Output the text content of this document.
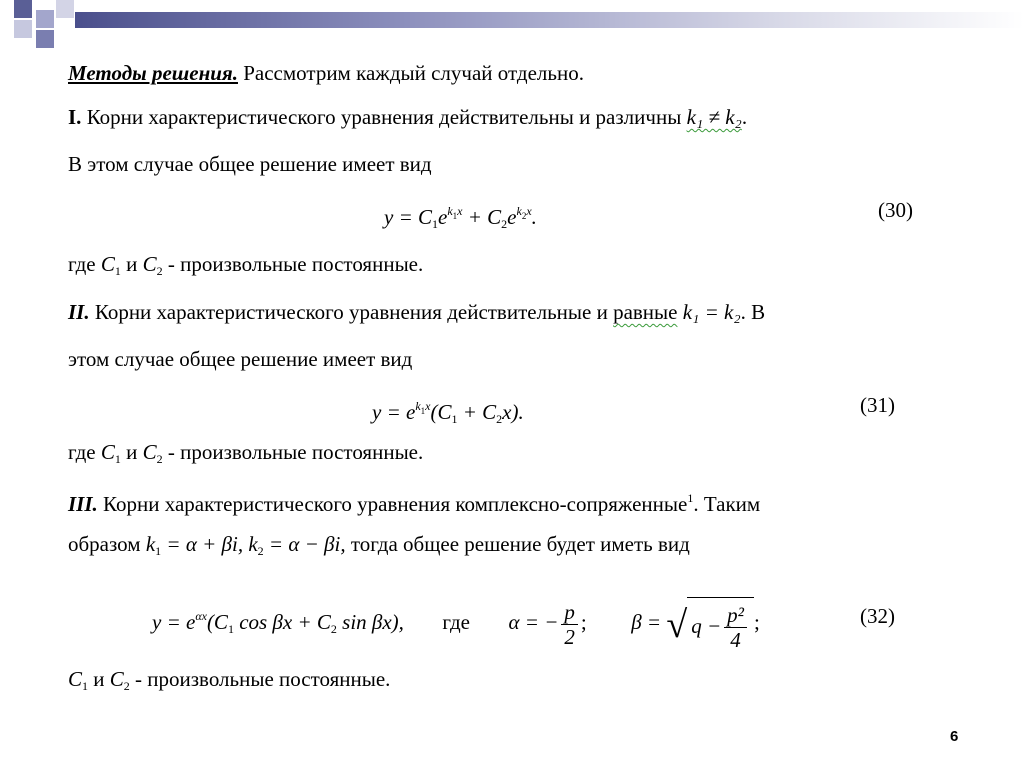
Методы решения. Рассмотрим каждый случай отдельно.
I. Корни характеристического уравнения действительны и различны k₁ ≠ k₂.
В этом случае общее решение имеет вид
$y = C_1e^{k_1x} + C_2e^{k_2x}$.	(30)
где $C_1$ и $C_2$ - произвольные постоянные.
II. Корни характеристического уравнения действительные и равные k₁ = k₂. В
этом случае общее решение имеет вид
$y = e^{k_1x}(C_1 + C_2x)$.	(31)
где $C_1$ и $C_2$ - произвольные постоянные.
III. Корни характеристического уравнения комплексно-сопряженные$^1$. Таким
образом $k_1 = \alpha + \beta i$, $k_2 = \alpha - \beta i$, тогда общее решение будет иметь вид
$y = e^{\alpha x}(C_1$ $\cos \beta x + C_2$ sin βx), где α = − $\frac{p}{2}$ ; β = √ $q - \frac{\text{p²}}{4}$ ;	(32)
$C_1$ и $C_2$ - произвольные постоянные.
6
